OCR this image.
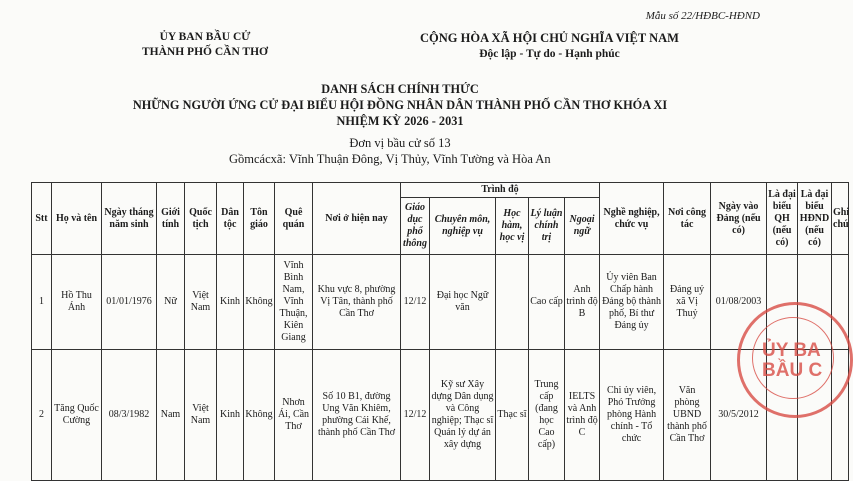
Mẫu số 22/HĐBC-HĐND
ỦY BAN BẦU CỬ
THÀNH PHỐ CẦN THƠ
CỘNG HÒA XÃ HỘI CHỦ NGHĨA VIỆT NAM
Độc lập - Tự do - Hạnh phúc
DANH SÁCH CHÍNH THỨC
NHỮNG NGƯỜI ỨNG CỬ ĐẠI BIỂU HỘI ĐỒNG NHÂN DÂN THÀNH PHỐ CẦN THƠ KHÓA XI
NHIỆM KỲ 2026 - 2031
Đơn vị bầu cử số 13
Gồmcácxã: Vĩnh Thuận Đông, Vị Thủy, Vĩnh Tường và Hòa An
Stt	Họ và tên	Ngày tháng năm sinh	Giới tính	Quốc tịch	Dân tộc	Tôn giáo	Quê quán	Nơi ở hiện nay	Trình độ					Nghề nghiệp, chức vụ	Nơi công tác	Ngày vào Đảng (nếu có)	Là đại biểu QH (nếu có)	Là đại biểu HĐND (nếu có)	Ghi chú
									Giáo dục phổ thông	Chuyên môn, nghiệp vụ	Học hàm, học vị	Lý luận chính trị	Ngoại ngữ						
1	Hồ Thu Ánh	01/01/1976	Nữ	Việt Nam	Kinh	Không	Vĩnh Bình Nam, Vĩnh Thuận, Kiên Giang	Khu vực 8, phường Vị Tân, thành phố Cần Thơ	12/12	Đại học Ngữ văn		Cao cấp	Anh trình độ B	Ủy viên Ban Chấp hành Đảng bộ thành phố, Bí thư Đảng ủy	Đảng uỷ xã Vị Thuỷ	01/08/2003			
2	Tăng Quốc Cường	08/3/1982	Nam	Việt Nam	Kinh	Không	Nhơn Ái, Cần Thơ	Số 10 B1, đường Ung Văn Khiêm, phường Cái Khế, thành phố Cần Thơ	12/12	Kỹ sư Xây dựng Dân dụng và Công nghiệp; Thạc sĩ Quản lý dự án xây dựng	Thạc sĩ	Trung cấp (đang học Cao cấp)	IELTS và Anh trình độ C	Chi ủy viên, Phó Trưởng phòng Hành chính - Tổ chức	Văn phòng UBND thành phố Cần Thơ	30/5/2012			
ỦY BA
BẦU C
